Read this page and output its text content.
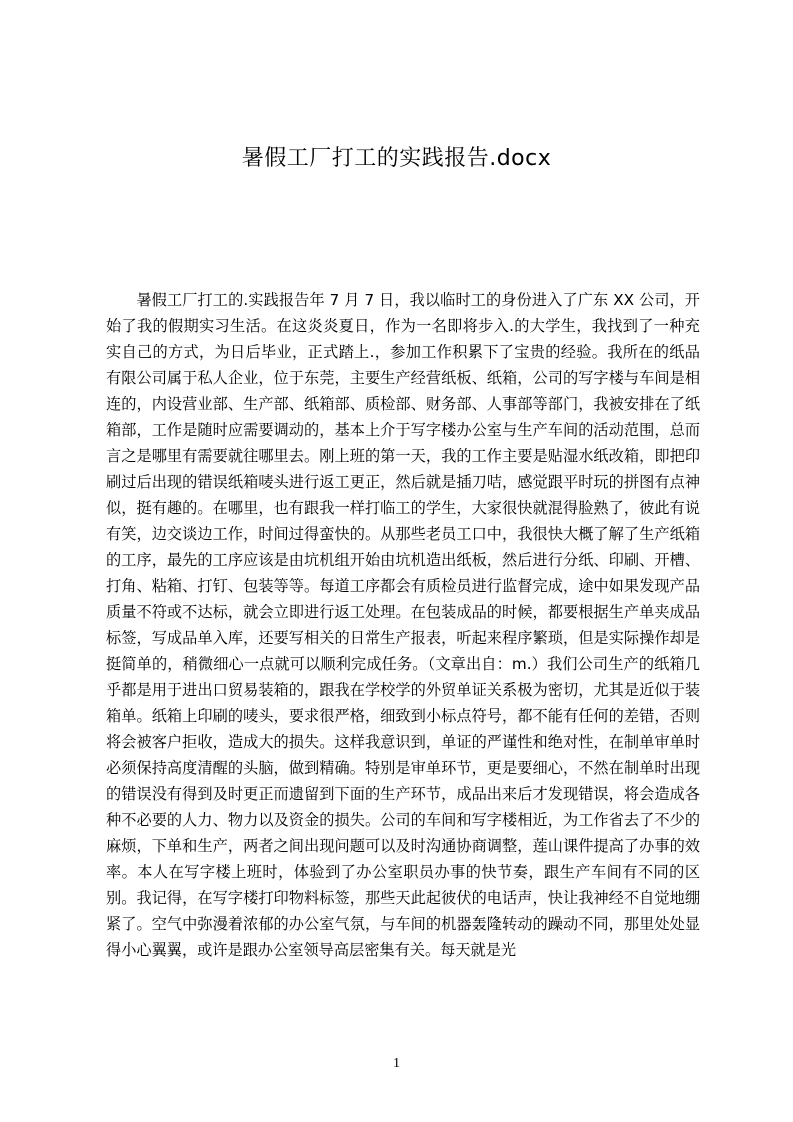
暑假工厂打工的实践报告.docx

暑假工厂打工的.实践报告年 7 月 7 日，我以临时工的身份进入了广东 XX 公司，开始了我的假期实习生活。在这炎炎夏日，作为一名即将步入.的大学生，我找到了一种充实自己的方式，为日后毕业，正式踏上.，参加工作积累下了宝贵的经验。我所在的纸品有限公司属于私人企业，位于东莞，主要生产经营纸板、纸箱，公司的写字楼与车间是相连的，内设营业部、生产部、纸箱部、质检部、财务部、人事部等部门，我被安排在了纸箱部，工作是随时应需要调动的，基本上介于写字楼办公室与生产车间的活动范围，总而言之是哪里有需要就往哪里去。刚上班的第一天，我的工作主要是贴湿水纸改箱，即把印刷过后出现的错误纸箱唛头进行返工更正，然后就是插刀咭，感觉跟平时玩的拼图有点神似，挺有趣的。在哪里，也有跟我一样打临工的学生，大家很快就混得脸熟了，彼此有说有笑，边交谈边工作，时间过得蛮快的。从那些老员工口中，我很快大概了解了生产纸箱的工序，最先的工序应该是由坑机组开始由坑机造出纸板，然后进行分纸、印刷、开槽、打角、粘箱、打钉、包装等等。每道工序都会有质检员进行监督完成，途中如果发现产品质量不符或不达标，就会立即进行返工处理。在包装成品的时候，都要根据生产单夹成品标签，写成品单入库，还要写相关的日常生产报表，听起来程序繁琐，但是实际操作却是挺简单的，稍微细心一点就可以顺利完成任务。（文章出自：m.）我们公司生产的纸箱几乎都是用于进出口贸易装箱的，跟我在学校学的外贸单证关系极为密切，尤其是近似于装箱单。纸箱上印刷的唛头，要求很严格，细致到小标点符号，都不能有任何的差错，否则将会被客户拒收，造成大的损失。这样我意识到，单证的严谨性和绝对性，在制单审单时必须保持高度清醒的头脑，做到精确。特别是审单环节，更是要细心，不然在制单时出现的错误没有得到及时更正而遗留到下面的生产环节，成品出来后才发现错误，将会造成各种不必要的人力、物力以及资金的损失。公司的车间和写字楼相近，为工作省去了不少的麻烦，下单和生产，两者之间出现问题可以及时沟通协商调整，莲山课件提高了办事的效率。本人在写字楼上班时，体验到了办公室职员办事的快节奏，跟生产车间有不同的区别。我记得，在写字楼打印物料标签，那些天此起彼伏的电话声，快让我神经不自觉地绷紧了。空气中弥漫着浓郁的办公室气氛，与车间的机器轰隆转动的躁动不同，那里处处显得小心翼翼，或许是跟办公室领导高层密集有关。每天就是光

1
